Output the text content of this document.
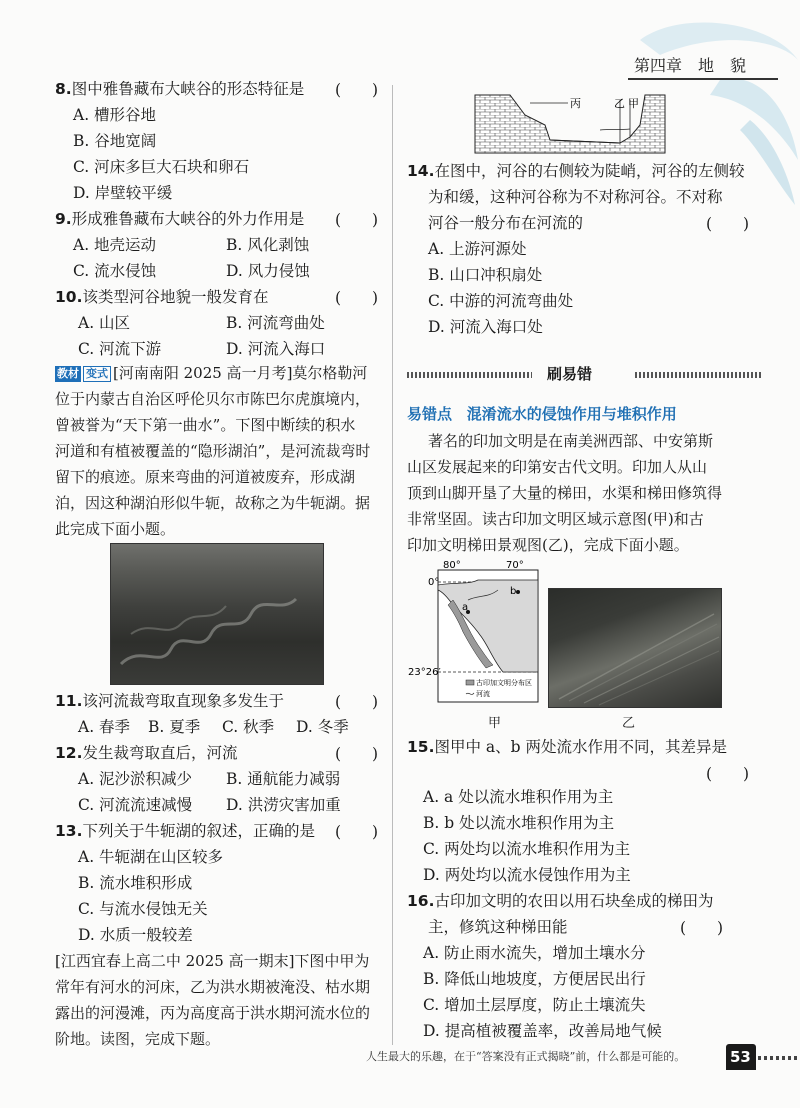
第四章　地　貌
8.图中雅鲁藏布大峡谷的形态特征是 (　　)
A. 槽形谷地
B. 谷地宽阔
C. 河床多巨大石块和卵石
D. 岸壁较平缓
9.形成雅鲁藏布大峡谷的外力作用是 (　　)
A. 地壳运动	B. 风化剥蚀
C. 流水侵蚀	D. 风力侵蚀
10.该类型河谷地貌一般发育在	(　　)
A. 山区	B. 河流弯曲处
C. 河流下游	D. 河流入海口
教材 变式 [河南南阳 2025 高一月考]莫尔格勒河
位于内蒙古自治区呼伦贝尔市陈巴尔虎旗境内，
曾被誉为“天下第一曲水”。下图中断续的积水
河道和有植被覆盖的“隐形湖泊”，是河流裁弯时
留下的痕迹。原来弯曲的河道被废弃，形成湖
泊，因这种湖泊形似牛轭，故称之为牛轭湖。据
此完成下面小题。
11.该河流裁弯取直现象多发生于	(　　)
A. 春季 B. 夏季 C. 秋季 D. 冬季
12.发生裁弯取直后，河流	(　　)
A. 泥沙淤积减少 B. 通航能力减弱
C. 河流流速减慢 D. 洪涝灾害加重
13.下列关于牛轭湖的叙述，正确的是 (　　)
A. 牛轭湖在山区较多
B. 流水堆积形成
C. 与流水侵蚀无关
D. 水质一般较差
[江西宜春上高二中 2025 高一期末]下图中甲为
常年有河水的河床，乙为洪水期被淹没、枯水期
露出的河漫滩，丙为高度高于洪水期河流水位的
阶地。读图，完成下题。
丙	乙 甲
14.在图中，河谷的右侧较为陡峭，河谷的左侧较
为和缓，这种河谷称为不对称河谷。不对称
河谷一般分布在河流的	(　　)
A. 上游河源处
B. 山口冲积扇处
C. 中游的河流弯曲处
D. 河流入海口处
刷易错
易错点 混淆流水的侵蚀作用与堆积作用
著名的印加文明是在南美洲西部、中安第斯
山区发展起来的印第安古代文明。印加人从山
顶到山脚开垦了大量的梯田，水渠和梯田修筑得
非常坚固。读古印加文明区域示意图(甲)和古
印加文明梯田景观图(乙)，完成下面小题。
80°	70°
0°
23°26′
a
b
古印加文明分布区
河流
甲	乙
15.图甲中 a、b 两处流水作用不同，其差异是
(　　)
A. a 处以流水堆积作用为主
B. b 处以流水堆积作用为主
C. 两处均以流水堆积作用为主
D. 两处均以流水侵蚀作用为主
16.古印加文明的农田以用石块垒成的梯田为
主，修筑这种梯田能	(　　)
A. 防止雨水流失，增加土壤水分
B. 降低山地坡度，方便居民出行
C. 增加土层厚度，防止土壤流失
D. 提高植被覆盖率，改善局地气候
人生最大的乐趣，在于“答案没有正式揭晓”前，什么都是可能的。	53
